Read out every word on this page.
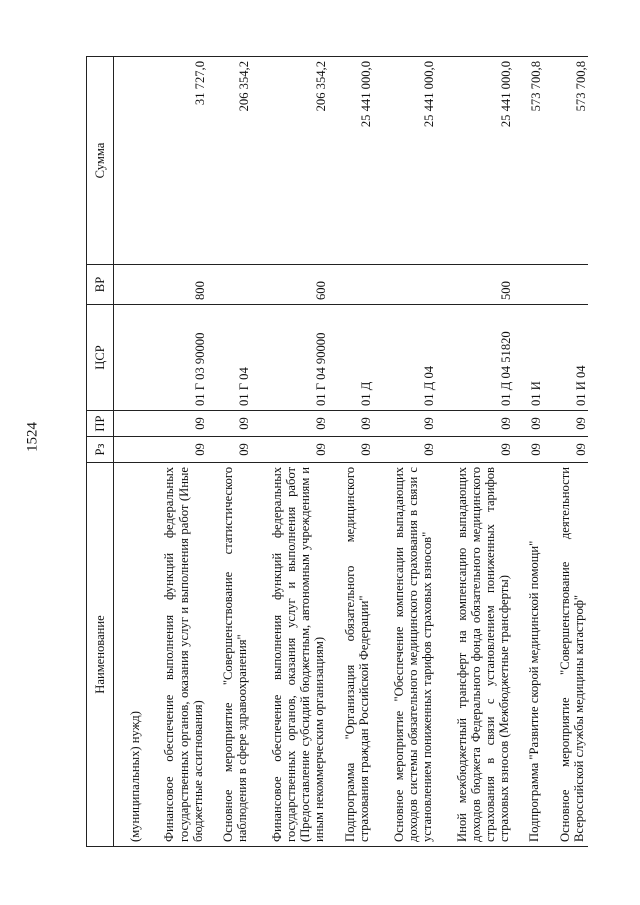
1524
Наименование	Рз	ПР	ЦСР	ВР	Сумма
(муниципальных) нужд)					
Финансовое обеспечение выполнения функций федеральных государственных органов, оказания услуг и выполнения работ (Иные бюджетные ассигнования)	09	09	01 Г 03 90000	800	31 727,0
Основное мероприятие "Совершенствование статистического наблюдения в сфере здравоохранения"	09	09	01 Г 04		206 354,2
Финансовое обеспечение выполнения функций федеральных государственных органов, оказания услуг и выполнения работ (Предоставление субсидий бюджетным, автономным учреждениям и иным некоммерческим организациям)	09	09	01 Г 04 90000	600	206 354,2
Подпрограмма "Организация обязательного медицинского страхования граждан Российской Федерации"	09	09	01 Д		25 441 000,0
Основное мероприятие "Обеспечение компенсации выпадающих доходов системы обязательного медицинского страхования в связи с установлением пониженных тарифов страховых взносов"	09	09	01 Д 04		25 441 000,0
Иной межбюджетный трансферт на компенсацию выпадающих доходов бюджета Федерального фонда обязательного медицинского страхования в связи с установлением пониженных тарифов страховых взносов (Межбюджетные трансферты)	09	09	01 Д 04 51820	500	25 441 000,0
Подпрограмма "Развитие скорой медицинской помощи"	09	09	01 И		573 700,8
Основное мероприятие "Совершенствование деятельности Всероссийской службы медицины катастроф"	09	09	01 И 04		573 700,8
